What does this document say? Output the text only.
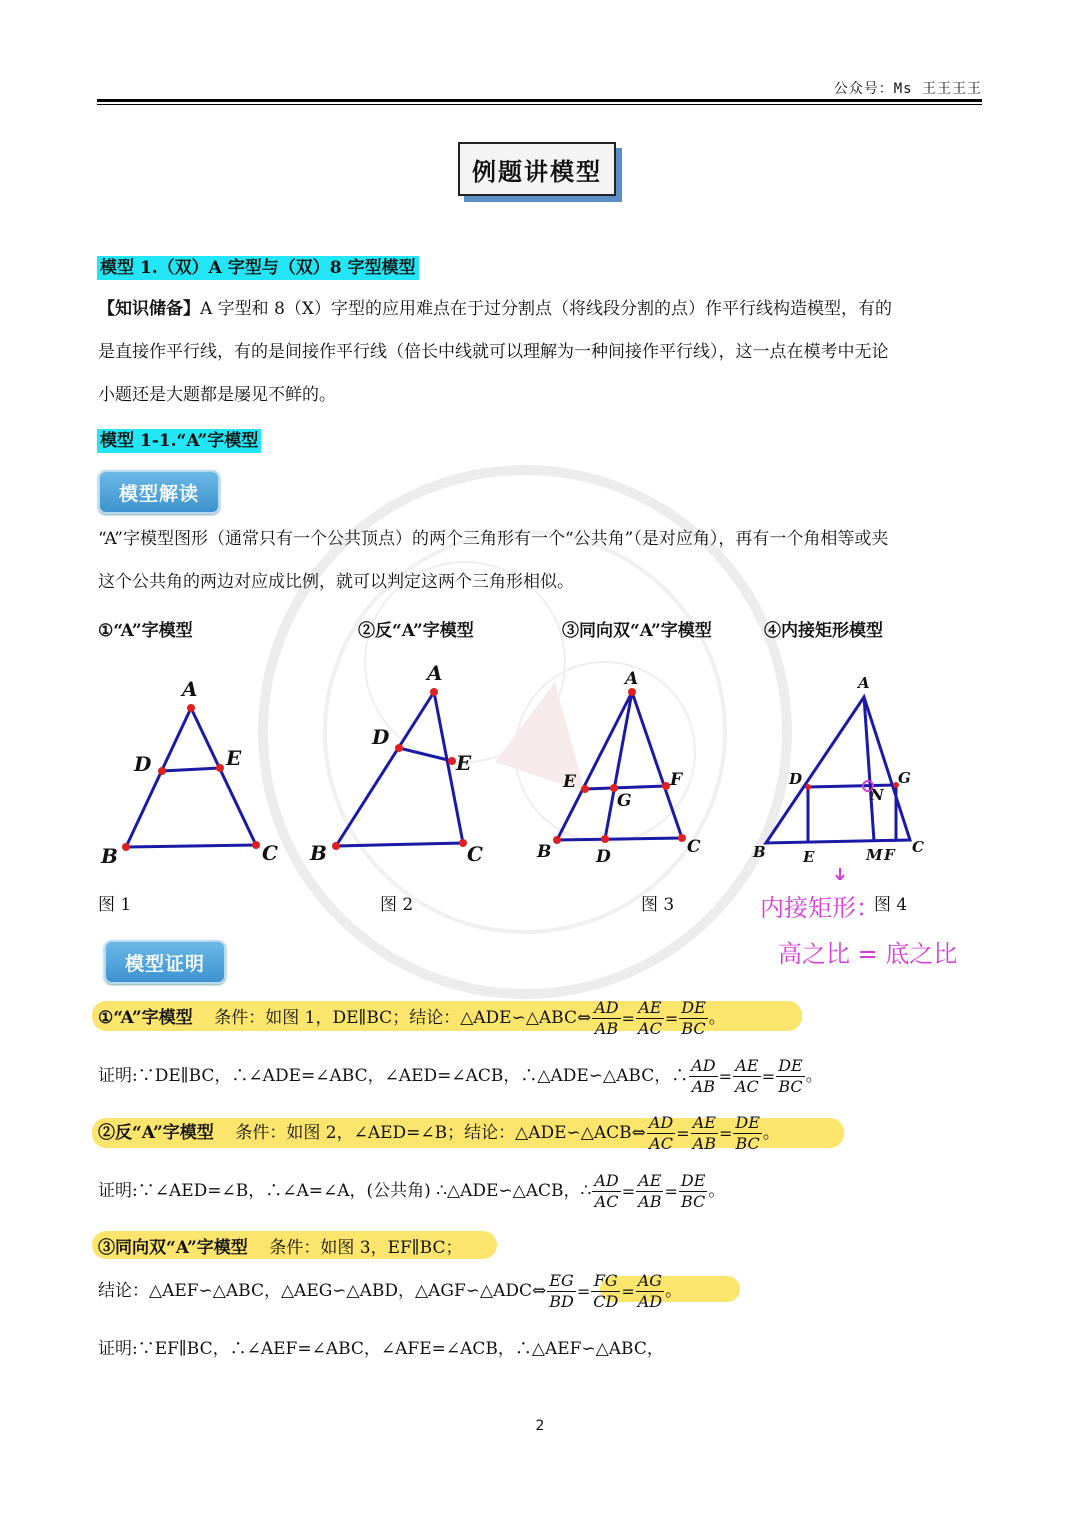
公众号：Ms 王王王王
例题讲模型
模型 1.（双）A 字型与（双）8 字型模型
【知识储备】A 字型和 8（X）字型的应用难点在于过分割点（将线段分割的点）作平行线构造模型，有的
是直接作平行线，有的是间接作平行线（倍长中线就可以理解为一种间接作平行线），这一点在模考中无论
小题还是大题都是屡见不鲜的。
模型 1-1.“A”字模型
模型解读
“A”字模型图形（通常只有一个公共顶点）的两个三角形有一个“公共角”（是对应角），再有一个角相等或夹
这个公共角的两边对应成比例，就可以判定这两个三角形相似。
①“A”字模型	②反“A”字模型	③同向双“A”字模型	④内接矩形模型
A
D	E
B	C
A
D
E
B	C
A
E	F
G
B	D	C
A
D
N
G
B E	M F C
图 1	图 2	图 3	图 4
内接矩形：
高之比 = 底之比
模型证明
①“A”字模型 条件：如图 1，DE∥BC；结论：△ADE∽△ABC⇔ $\frac{AD}{AB} = \frac{AE}{AC} = \frac{DE}{BC}$ 。
证明:∵DE∥BC，∴∠ADE=∠ABC，∠AED=∠ACB，∴△ADE∽△ABC，∴ $\frac{AD}{AB} = \frac{AE}{AC} = \frac{DE}{BC}$ 。
②反“A”字模型 条件：如图 2，∠AED=∠B；结论：△ADE∽△ACB⇔ $\frac{AD}{AC} = \frac{AE}{AB} = \frac{DE}{BC}$ 。
证明:∵∠AED=∠B，∴∠A=∠A，(公共角) ∴△ADE∽△ACB，∴ $\frac{AD}{AC} = \frac{AE}{AB} = \frac{DE}{BC}$ 。
③同向双“A”字模型 条件：如图 3，EF∥BC；
结论：△AEF∽△ABC，△AEG∽△ABD，△AGF∽△ADC⇔ $\frac{EG}{BD} = \frac{FG}{CD} = \frac{AG}{AD}$ 。
证明:∵EF∥BC，∴∠AEF=∠ABC，∠AFE=∠ACB，∴△AEF∽△ABC，
2
